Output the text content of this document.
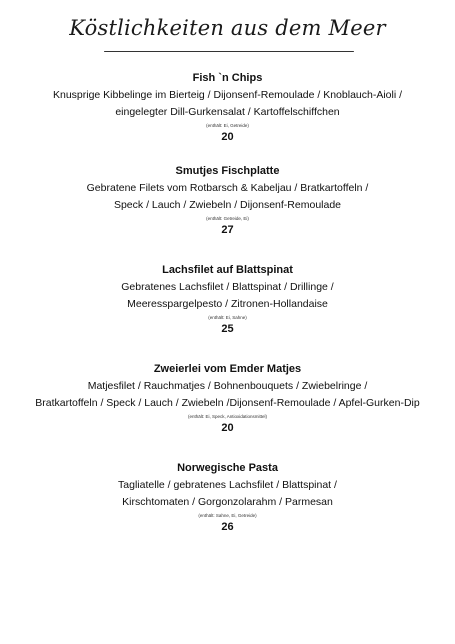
Köstlichkeiten aus dem Meer
Fish `n Chips
Knusprige Kibbelinge im Bierteig / Dijonsenf-Remoulade / Knoblauch-Aioli /
eingelegter Dill-Gurkensalat / Kartoffelschiffchen
(enthält: Ei, Getreide)
20
Smutjes Fischplatte
Gebratene Filets vom Rotbarsch & Kabeljau / Bratkartoffeln /
Speck / Lauch / Zwiebeln / Dijonsenf-Remoulade
(enthält: Getreide, Ei)
27
Lachsfilet auf Blattspinat
Gebratenes Lachsfilet / Blattspinat / Drillinge /
Meeresspargelpesto / Zitronen-Hollandaise
(enthält: Ei, Sahne)
25
Zweierlei vom Emder Matjes
Matjesfilet / Rauchmatjes / Bohnenbouquets / Zwiebelringe /
Bratkartoffeln / Speck / Lauch / Zwiebeln /Dijonsenf-Remoulade / Apfel-Gurken-Dip
(enthält: Ei, Speck, Antioxidationsmittel)
20
Norwegische Pasta
Tagliatelle / gebratenes Lachsfilet / Blattspinat /
Kirschtomaten / Gorgonzolarahm / Parmesan
(enthält: Sahne, Ei, Getreide)
26
